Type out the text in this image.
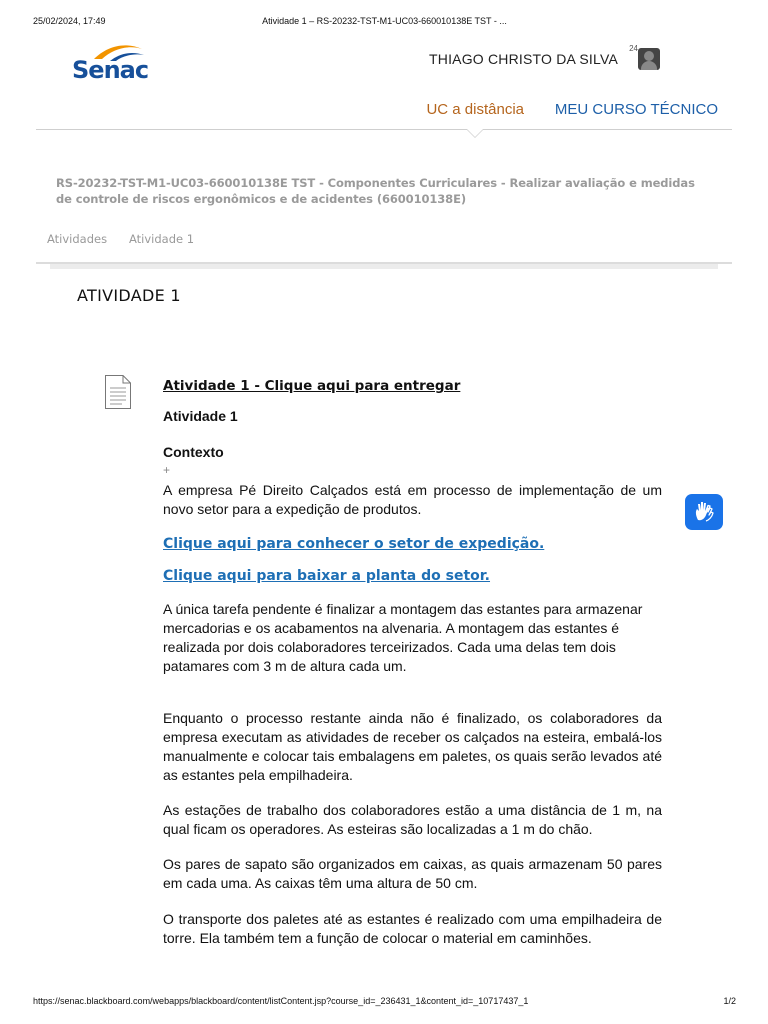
25/02/2024, 17:49	Atividade 1 – RS-20232-TST-M1-UC03-660010138E TST - ...
Senac	THIAGO CHRISTO DA SILVA
24
UC a distância MEU CURSO TÉCNICO
RS-20232-TST-M1-UC03-660010138E TST - Componentes Curriculares - Realizar avaliação e medidas de controle de riscos ergonômicos e de acidentes (660010138E)
Atividades Atividade 1
ATIVIDADE 1
Atividade 1 - Clique aqui para entregar
Atividade 1
Contexto
+

A empresa Pé Direito Calçados está em processo de implementação de um novo setor para a expedição de produtos.

Clique aqui para conhecer o setor de expedição.
Clique aqui para baixar a planta do setor.

A única tarefa pendente é finalizar a montagem das estantes para armazenar mercadorias e os acabamentos na alvenaria. A montagem das estantes é realizada por dois colaboradores terceirizados. Cada uma delas tem dois patamares com 3 m de altura cada um.

Enquanto o processo restante ainda não é finalizado, os colaboradores da empresa executam as atividades de receber os calçados na esteira, embalá-los manualmente e colocar tais embalagens em paletes, os quais serão levados até as estantes pela empilhadeira.

As estações de trabalho dos colaboradores estão a uma distância de 1 m, na qual ficam os operadores. As esteiras são localizadas a 1 m do chão.

Os pares de sapato são organizados em caixas, as quais armazenam 50 pares em cada uma. As caixas têm uma altura de 50 cm.

O transporte dos paletes até as estantes é realizado com uma empilhadeira de torre. Ela também tem a função de colocar o material em caminhões.

https://senac.blackboard.com/webapps/blackboard/content/listContent.jsp?course_id=_236431_1&content_id=_10717437_1	1/2
